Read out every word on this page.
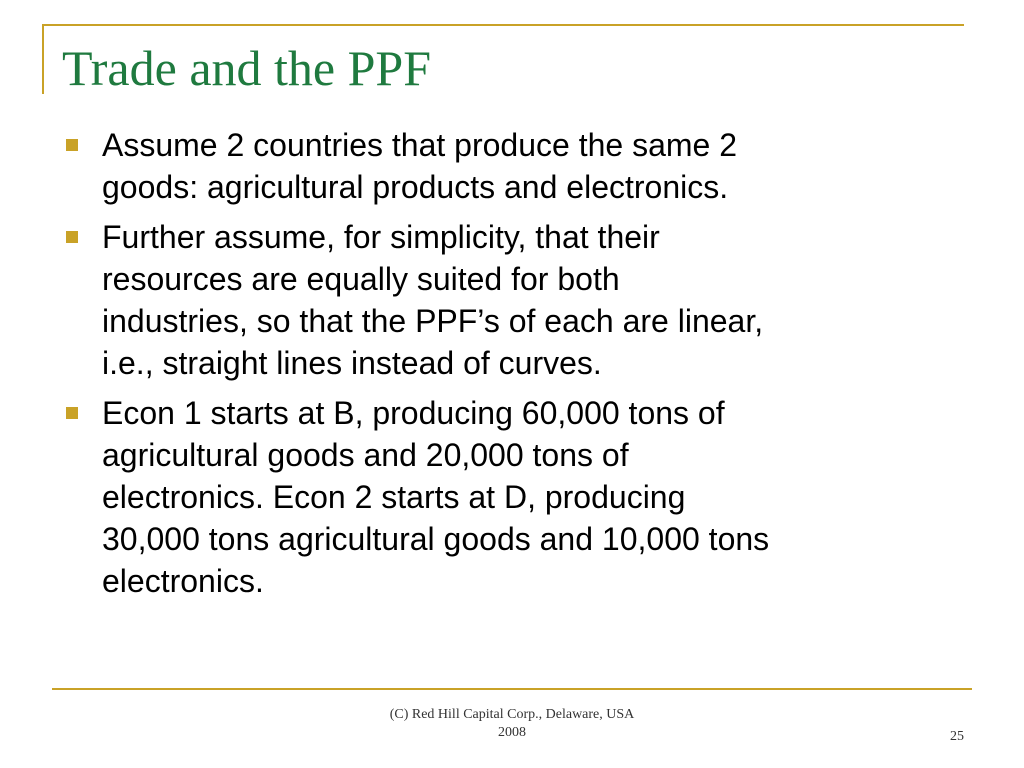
Trade and the PPF
Assume 2 countries that produce the same 2
goods: agricultural products and electronics.
Further assume, for simplicity, that their
resources are equally suited for both
industries, so that the PPF’s of each are linear,
i.e., straight lines instead of curves.
Econ 1 starts at B, producing 60,000 tons of
agricultural goods and 20,000 tons of
electronics. Econ 2 starts at D, producing
30,000 tons agricultural goods and 10,000 tons
electronics.
(C) Red Hill Capital Corp., Delaware, USA
2008	25
